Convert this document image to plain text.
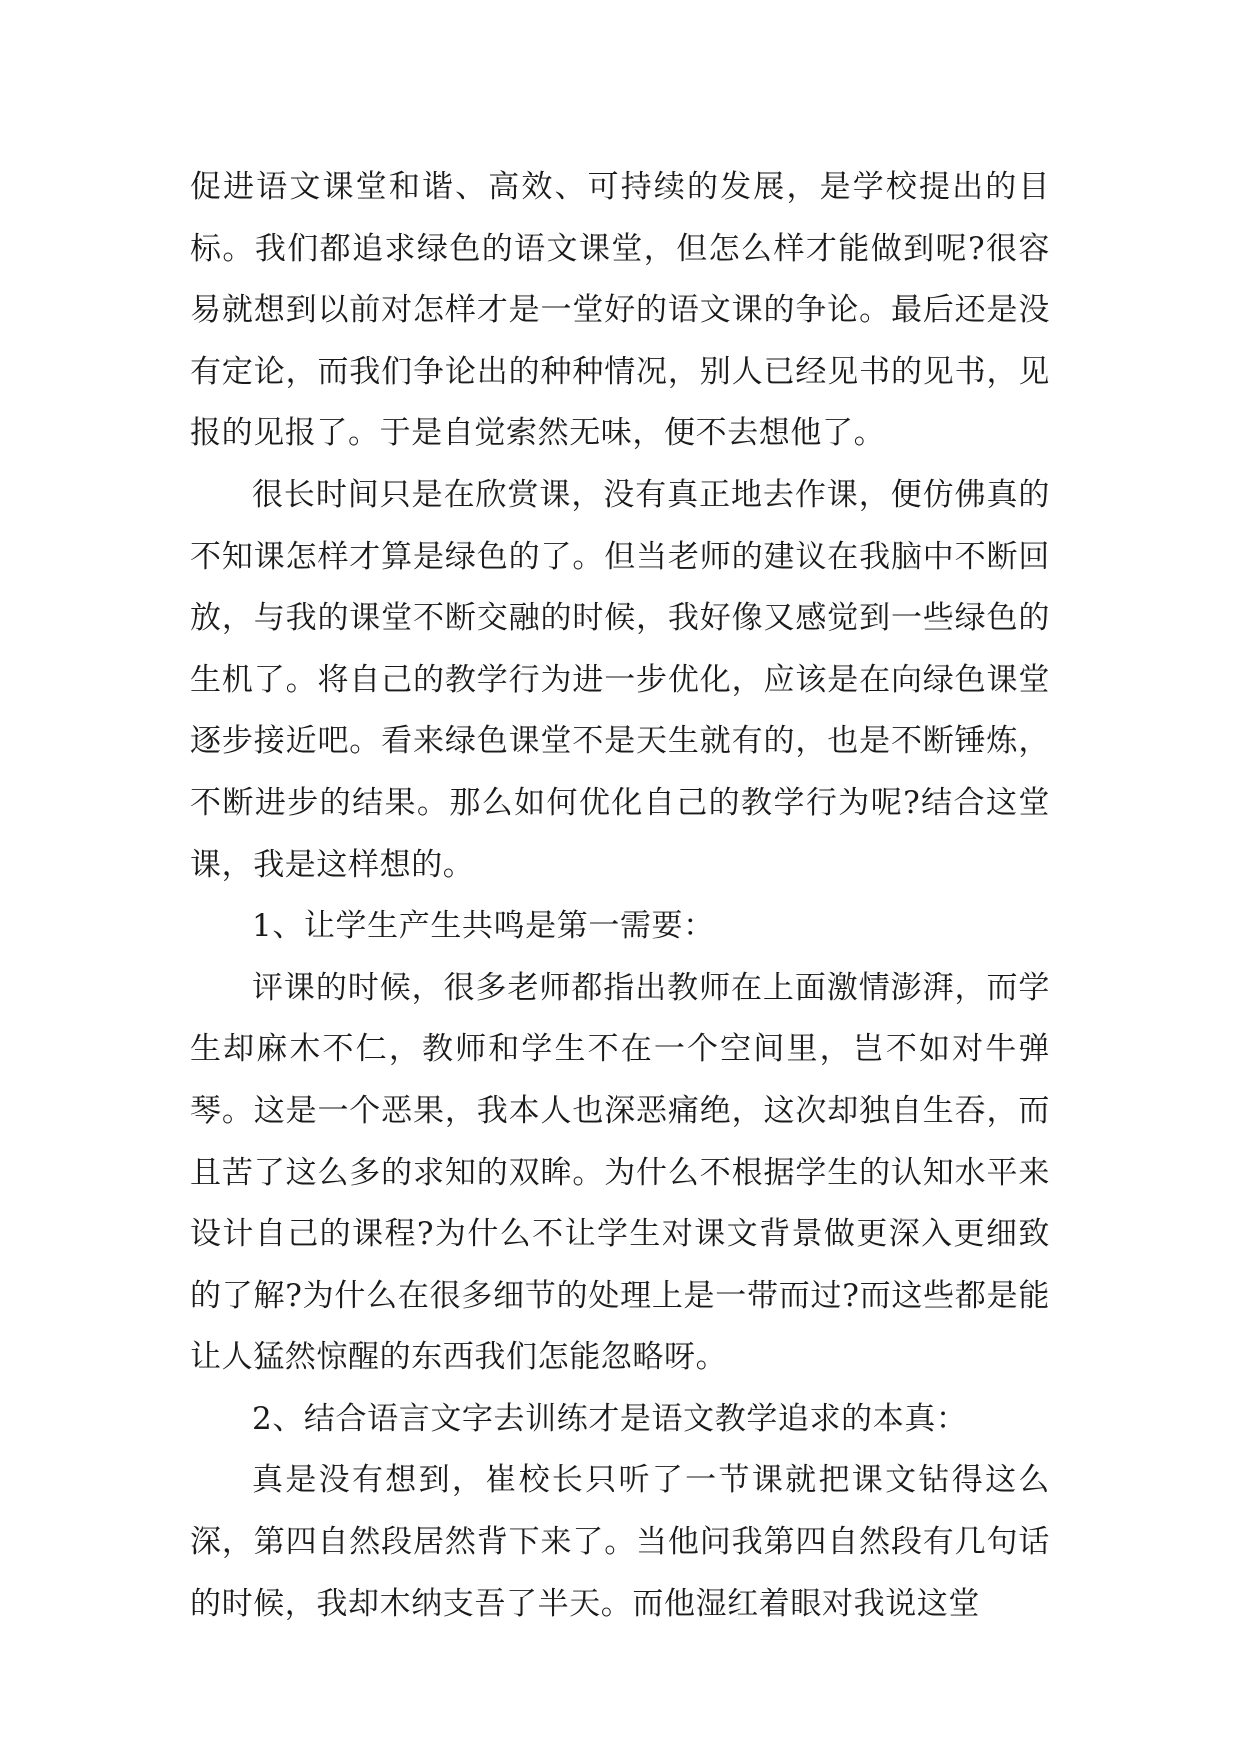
促进语文课堂和谐、高效、可持续的发展，是学校提出的目标。我们都追求绿色的语文课堂，但怎么样才能做到呢?很容易就想到以前对怎样才是一堂好的语文课的争论。最后还是没有定论，而我们争论出的种种情况，别人已经见书的见书，见报的见报了。于是自觉索然无味，便不去想他了。

很长时间只是在欣赏课，没有真正地去作课，便仿佛真的不知课怎样才算是绿色的了。但当老师的建议在我脑中不断回放，与我的课堂不断交融的时候，我好像又感觉到一些绿色的生机了。将自己的教学行为进一步优化，应该是在向绿色课堂逐步接近吧。看来绿色课堂不是天生就有的，也是不断锤炼，不断进步的结果。那么如何优化自己的教学行为呢?结合这堂课，我是这样想的。

1、让学生产生共鸣是第一需要：

评课的时候，很多老师都指出教师在上面激情澎湃，而学生却麻木不仁，教师和学生不在一个空间里，岂不如对牛弹琴。这是一个恶果，我本人也深恶痛绝，这次却独自生吞，而且苦了这么多的求知的双眸。为什么不根据学生的认知水平来设计自己的课程?为什么不让学生对课文背景做更深入更细致的了解?为什么在很多细节的处理上是一带而过?而这些都是能让人猛然惊醒的东西我们怎能忽略呀。

2、结合语言文字去训练才是语文教学追求的本真：

真是没有想到，崔校长只听了一节课就把课文钻得这么深，第四自然段居然背下来了。当他问我第四自然段有几句话的时候，我却木纳支吾了半天。而他湿红着眼对我说这堂
